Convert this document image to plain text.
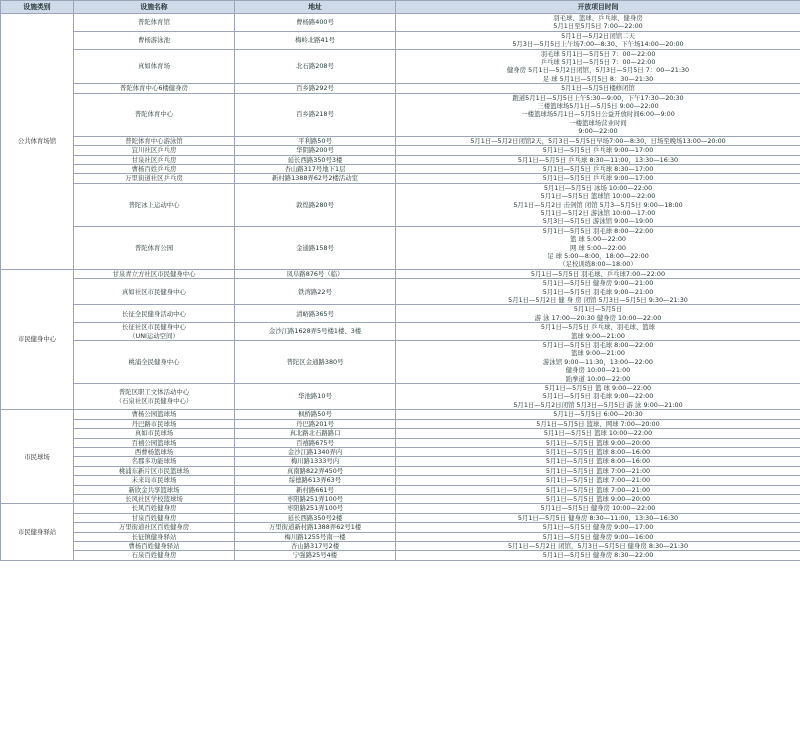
设施类别	设施名称	地址	开放项目时间
公共体育场馆	普陀体育馆	曹杨路400号	羽毛球、篮球、乒乓球、健身房
5月1日至5月5日 7:00—22:00

	曹杨游泳池	梅岭北路41号	5月1日—5月2日闭馆二天
5月3日—5月5日上午场7:00—8:30、下午场14:00—20:00

	真如体育场	北石路208号	羽毛球 5月1日—5月5日 7：00—22:00
乒乓球 5月1日—5月5日 7：00—22:00
健身房 5月1日—5月2日闭馆，5月3日—5月5日 7：00—21:30
足 球 5月1日—5月5日 8：30—21:30

	普陀体育中心6楼健身房	百乡路292号	5月1日—5月5日楼修闭馆

	普陀体育中心	百乡路218号	跑道5月1日—5月5日上午5:30—9:00，下午17:30—20:30
三楼篮球场5月1日—5月5日 9:00—22:00
一楼篮球场5月1日—5月5日公益开放时间6:00—9:00
一楼篮球场营业时间
9:00—22:00

	普陀体育中心游泳馆	平利路50号	5月1日—5月2日闭馆2天，5月3日—5月5日早场7:00—8:30、日场至晚场13:00—20:00

	宜川社区乒乓房	华阴路200号	5月1日—5月5日 乒乓球 9:00—17:00

	甘泉社区乒乓房	延长西路350号3楼	5月1日—5月5日 乒乓球 8:30—11:00，13:30—16:30

	曹杨百姓乒乓房	杏山路317号地下1层	5月1日—5月5日 乒乓球 8:30—17:00

	万里街道社区乒乓房	新村路1388弄62号2楼活动室	5月1日—5月5日 乒乓球 9:00—17:00

	普陀冰上运动中心	敦煌路280号	5月1日—5月5日 冰场 10:00—22:00
5月1日—5月5日 篮球馆 10:00—22:00
5月1日—5月2日 击剑馆 闭馆 5月3—5月5日 9:00—18:00
5月1日—5月2日 游泳馆 10:00—17:00
5月3日—5月5日 游泳馆 9:00—19:00

	普陀体育公园	金通路158号	5月1日—5月5日 羽毛球 8:00—22:00
篮 球 5:00—22:00
网 球 5:00—22:00
足 球 5:00—8:00，18:00—22:00
（足校训练8:00—18:00）

市民健身中心	甘泉青立方社区市民健身中心	凤阜路876号（临）	5月1日—5月5日 羽毛球、乒乓球7:00—22:00

	真如社区市民健身中心	铁湾路22号	5月1日—5月5日 健身房 9:00—21:00
5月1日—5月5日 羽毛球 9:00—21:00
5月1日—5月2日 健 身 房 闭馆 5月3日—5月5日 9:30—21:30

	长征全民健身活动中心	清峪路365号	5月1日—5月5日
游 泳 17:00—20:30 健身房 10:00—22:00

	长征社区市民健身中心
（UNI运动空间）	金沙江路1628弄5号楼1楼、3楼	5月1日—5月5日 乒乓球、羽毛球、篮球
篮球 9:00—21:00

	桃浦全民健身中心	普陀区金通路380号	5月1日—5月5日 羽毛球 8:00—22:00
篮球 9:00—21:00
游泳馆 9:00—11:30，13:00—22:00
健身房 10:00—21:00
跆拳道 10:00—22:00

	普陀区职工文体活动中心
（石泉社区市民健身中心）	华池路10号	5月1日—5月5日 篮 球 9:00—22:00
5月1日—5月5日 羽毛球 9:00—22:00
5月1日—5月2日闭馆 5月3日—5月5日 游 泳 9:00—21:00

市民球场	曹杨公园篮球场	枫桥路50号	5月1日—5月5日 6:00—20:30

	丹巴路市民球场	丹巴路201号	5月1日—5月5日 篮球、网球 7:00—20:00

	真如市民球场	真北路北石路路口	5月1日—5月5日 篮球 10:00—22:00

	百禧公园篮球场	百禧路675号	5月1日—5月5日 篮球 9:00—20:00

	西曹杨篮球场	金沙江路1340弄内	5月1日—5月5日 篮球 8:00—16:00

	名郡多功能球场	梅川路1333号内	5月1日—5月5日 篮球 8:00—16:00

	桃浦东新片区市民篮球场	真南路822弄450号	5月1日—5月5日 篮球 7:00—21:00

	未来岛市民球场	绥德路613弄63号	5月1日—5月5日 篮球 7:00—21:00

	新欣金共享篮球场	新村路661号	5月1日—5月5日 篮球 7:00—21:00

	长风社区学校篮球场	枣阳路251弄100号	5月1日—5月5日 篮球 9:00—20:00

市民健身驿站	长风百姓健身房	枣阳路251弄100号	5月1日—5月5日 健身房 10:00—22:00

	甘泉百姓健身房	延长西路350号2楼	5月1日—5月5日 健身房 8:30—11:00，13:30—16:30

	万里街道社区百姓健身房	万里街道新村路1388弄62号1楼	5月1日—5月5日 健身房 9:00—17:00

	长征镇健身驿站	梅川路1255号南一楼	5月1日—5月5日 健身房 9:00—16:00

	曹杨百姓健身驿站	杏山路317号2楼	5月1日—5月2日 闭馆，5月3日—5月5日 健身房 8:30—21:30

	石泉百姓健身房	宁强路25号4楼	5月1日—5月5日 健身房 8:30—22:00
